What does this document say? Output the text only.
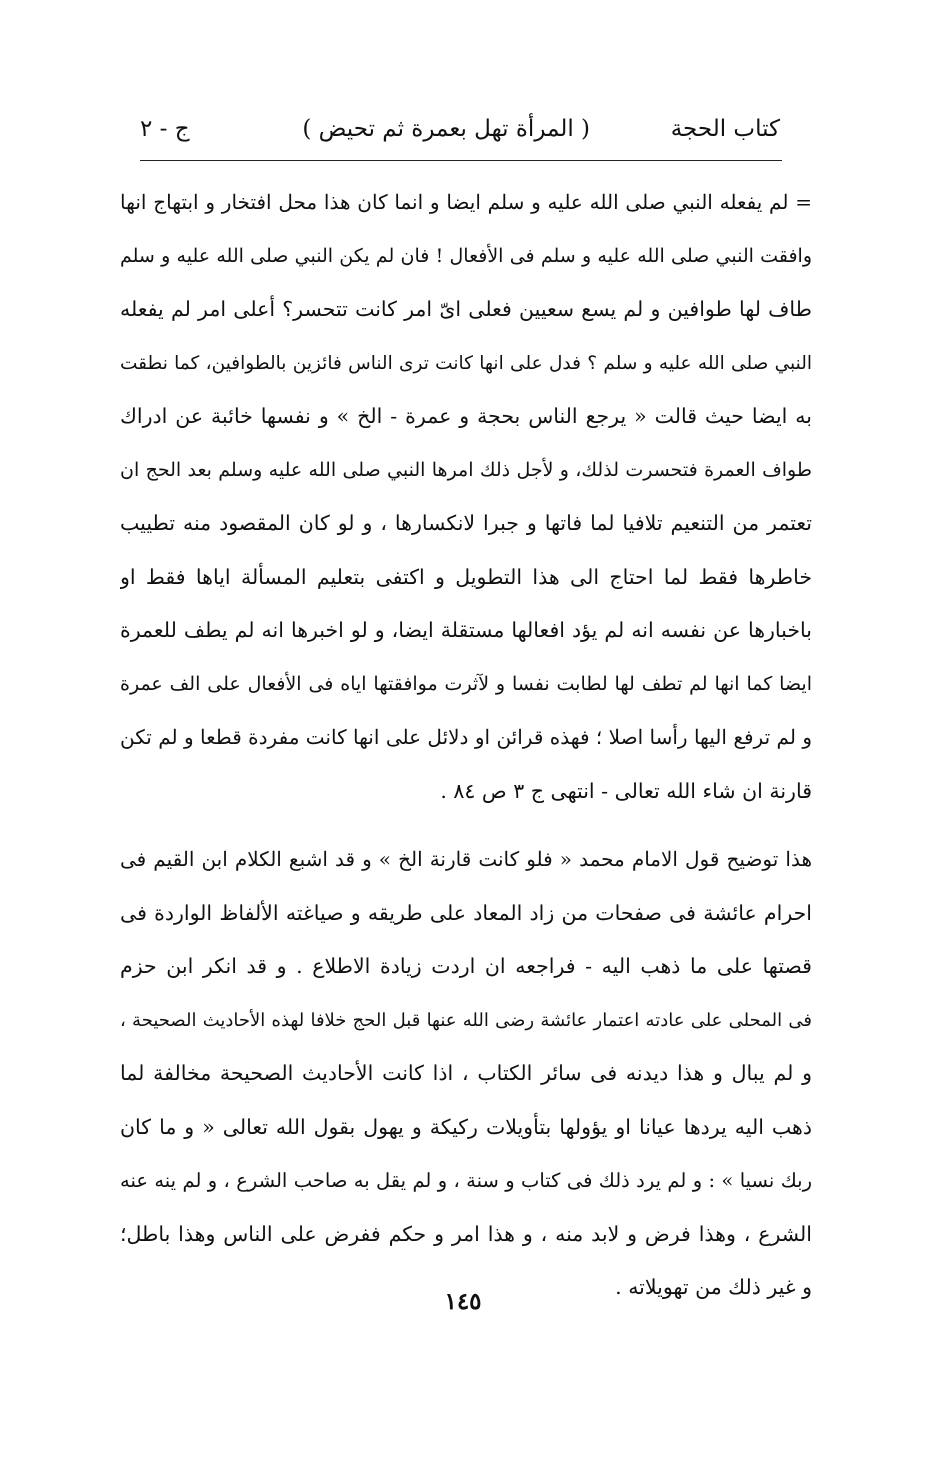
كتاب الحجة
( المرأة تهل بعمرة ثم تحيض )
ج - ٢
= لم يفعله النبي صلى الله عليه و سلم ايضا و انما كان هذا محل افتخار و ابتهاج انها
وافقت النبي صلى الله عليه و سلم فى الأفعال ! فان لم يكن النبي صلى الله عليه و سلم
طاف لها طوافين و لم يسع سعيين فعلى اىّ امر كانت تتحسر؟ أعلى امر لم يفعله
النبي صلى الله عليه و سلم ؟ فدل على انها كانت ترى الناس فائزين بالطوافين، كما نطقت
به ايضا حيث قالت « يرجع الناس بحجة و عمرة - الخ » و نفسها خائبة عن ادراك
طواف العمرة فتحسرت لذلك، و لأجل ذلك امرها النبي صلى الله عليه وسلم بعد الحج ان
تعتمر من التنعيم تلافيا لما فاتها و جبرا لانكسارها ، و لو كان المقصود منه تطييب
خاطرها فقط لما احتاج الى هذا التطويل و اكتفى بتعليم المسألة اياها فقط او
باخبارها عن نفسه انه لم يؤد افعالها مستقلة ايضا، و لو اخبرها انه لم يطف للعمرة
ايضا كما انها لم تطف لها لطابت نفسا و لآثرت موافقتها اياه فى الأفعال على الف عمرة
و لم ترفع اليها رأسا اصلا ؛ فهذه قرائن او دلائل على انها كانت مفردة قطعا و لم تكن
قارنة ان شاء الله تعالى - انتهى ج ٣ ص ٨٤ .
هذا توضيح قول الامام محمد « فلو كانت قارنة الخ » و قد اشبع الكلام ابن القيم فى
احرام عائشة فى صفحات من زاد المعاد على طريقه و صياغته الألفاظ الواردة فى
قصتها على ما ذهب اليه - فراجعه ان اردت زيادة الاطلاع . و قد انكر ابن حزم
فى المحلى على عادته اعتمار عائشة رضى الله عنها قبل الحج خلافا لهذه الأحاديث الصحيحة ،
و لم يبال و هذا ديدنه فى سائر الكتاب ، اذا كانت الأحاديث الصحيحة مخالفة لما
ذهب اليه يردها عيانا او يؤولها بتأويلات ركيكة و يهول بقول الله تعالى « و ما كان
ربك نسيا » : و لم يرد ذلك فى كتاب و سنة ، و لم يقل به صاحب الشرع ، و لم ينه عنه
الشرع ، وهذا فرض و لابد منه ، و هذا امر و حكم ففرض على الناس وهذا باطل؛
و غير ذلك من تهويلاته .
١٤٥
